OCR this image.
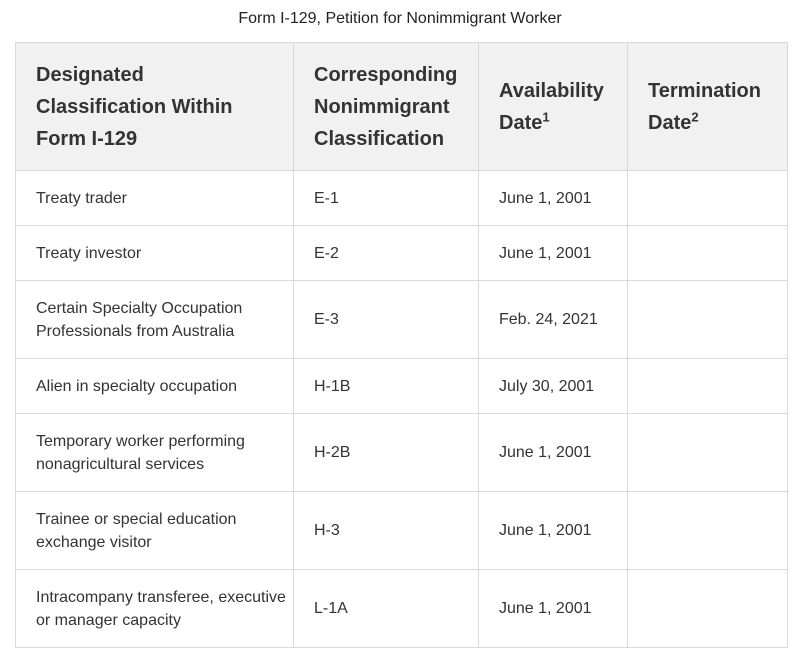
Form I-129, Petition for Nonimmigrant Worker
Designated Classification Within Form I-129	Corresponding Nonimmigrant Classification	Availability Date$^1$	Termination Date$^2$
Treaty trader	E-1	June 1, 2001	
Treaty investor	E-2	June 1, 2001	
Certain Specialty Occupation Professionals from Australia	E-3	Feb. 24, 2021	
Alien in specialty occupation	H-1B	July 30, 2001	
Temporary worker performing nonagricultural services	H-2B	June 1, 2001	
Trainee or special education exchange visitor	H-3	June 1, 2001	
Intracompany transferee, executive or manager capacity	L-1A	June 1, 2001	
